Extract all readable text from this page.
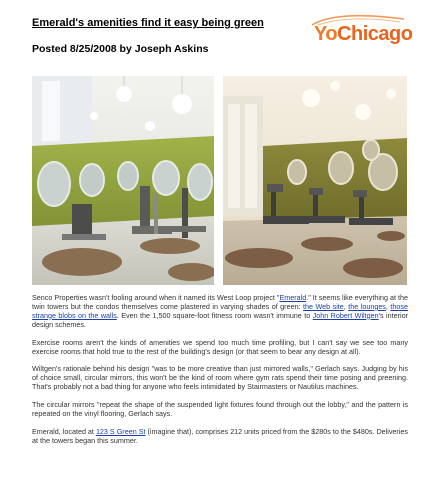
Emerald's amenities find it easy being green	YoChicago
Posted 8/25/2008 by Joseph Askins

Senco Properties wasn't fooling around when it named its West Loop project "Emerald." It seems like everything at the twin towers but the condos themselves come plastered in varying shades of green: the Web site, the lounges, those strange blobs on the walls. Even the 1,500 square-foot fitness room wasn't immune to John Robert Wiltgen's interior design schemes.

Exercise rooms aren't the kinds of amenities we spend too much time profiling, but I can't say we see too many exercise rooms that hold true to the rest of the building's design (or that seem to bear any design at all).

Wiltgen's rationale behind his design "was to be more creative than just mirrored walls," Gerlach says. Judging by his of choice small, circular mirrors, this won't be the kind of room where gym rats spend their time posing and preening. That's probably not a bad thing for anyone who feels intimidated by Stairmasters or Nautilus machines.

The circular mirrors "repeat the shape of the suspended light fixtures found through out the lobby," and the pattern is repeated on the vinyl flooring, Gerlach says.

Emerald, located at 123 S Green St (imagine that), comprises 212 units priced from the $280s to the $480s. Deliveries at the towers began this summer.
